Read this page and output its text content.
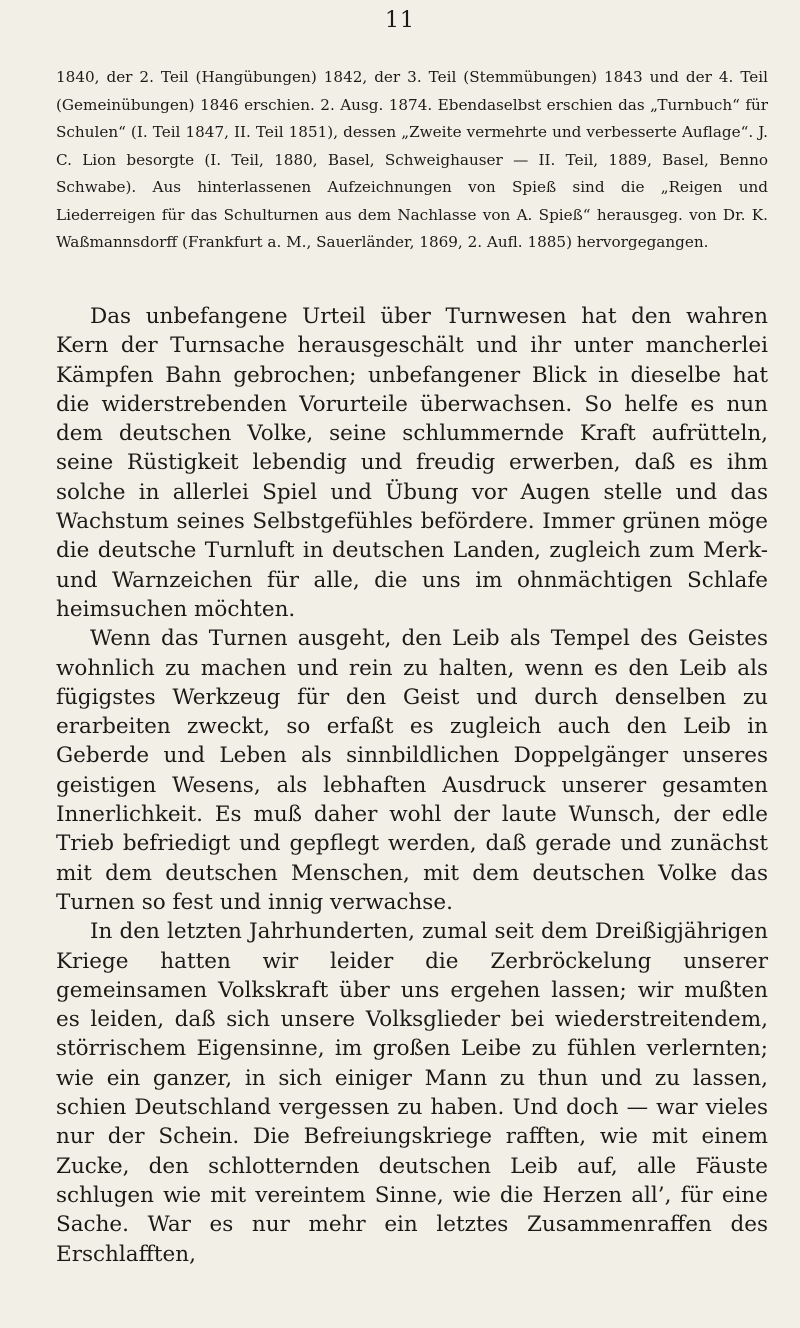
11
1840, der 2. Teil (Hangübungen) 1842, der 3. Teil (Stemmübungen) 1843 und der 4. Teil (Gemeinübungen) 1846 erschien. 2. Ausg. 1874. Ebendaselbst erschien das „Turnbuch“ für Schulen“ (I. Teil 1847, II. Teil 1851), dessen „Zweite vermehrte und verbesserte Auflage“. J. C. Lion besorgte (I. Teil, 1880, Basel, Schweighauser — II. Teil, 1889, Basel, Benno Schwabe). Aus hinterlassenen Aufzeichnungen von Spieß sind die „Reigen und Liederreigen für das Schulturnen aus dem Nachlasse von A. Spieß“ herausgeg. von Dr. K. Waßmannsdorff (Frankfurt a. M., Sauerländer, 1869, 2. Aufl. 1885) hervorgegangen.

Das unbefangene Urteil über Turnwesen hat den wahren Kern der Turnsache herausgeschält und ihr unter mancherlei Kämpfen Bahn gebrochen; unbefangener Blick in dieselbe hat die widerstrebenden Vorurteile überwachsen. So helfe es nun dem deutschen Volke, seine schlummernde Kraft aufrütteln, seine Rüstigkeit lebendig und freudig erwerben, daß es ihm solche in allerlei Spiel und Übung vor Augen stelle und das Wachstum seines Selbstgefühles befördere. Immer grünen möge die deutsche Turnluft in deutschen Landen, zugleich zum Merk- und Warnzeichen für alle, die uns im ohnmächtigen Schlafe heimsuchen möchten.

Wenn das Turnen ausgeht, den Leib als Tempel des Geistes wohnlich zu machen und rein zu halten, wenn es den Leib als fügigstes Werkzeug für den Geist und durch denselben zu erarbeiten zweckt, so erfaßt es zugleich auch den Leib in Geberde und Leben als sinnbildlichen Doppelgänger unseres geistigen Wesens, als lebhaften Ausdruck unserer gesamten Innerlichkeit. Es muß daher wohl der laute Wunsch, der edle Trieb befriedigt und gepflegt werden, daß gerade und zunächst mit dem deutschen Menschen, mit dem deutschen Volke das Turnen so fest und innig verwachse.

In den letzten Jahrhunderten, zumal seit dem Dreißigjährigen Kriege hatten wir leider die Zerbröckelung unserer gemeinsamen Volkskraft über uns ergehen lassen; wir mußten es leiden, daß sich unsere Volksglieder bei wiederstreitendem, störrischem Eigensinne, im großen Leibe zu fühlen verlernten; wie ein ganzer, in sich einiger Mann zu thun und zu lassen, schien Deutschland vergessen zu haben. Und doch — war vieles nur der Schein. Die Befreiungskriege rafften, wie mit einem Zucke, den schlotternden deutschen Leib auf, alle Fäuste schlugen wie mit vereintem Sinne, wie die Herzen all’, für eine Sache. War es nur mehr ein letztes Zusammenraffen des Erschlafften,
